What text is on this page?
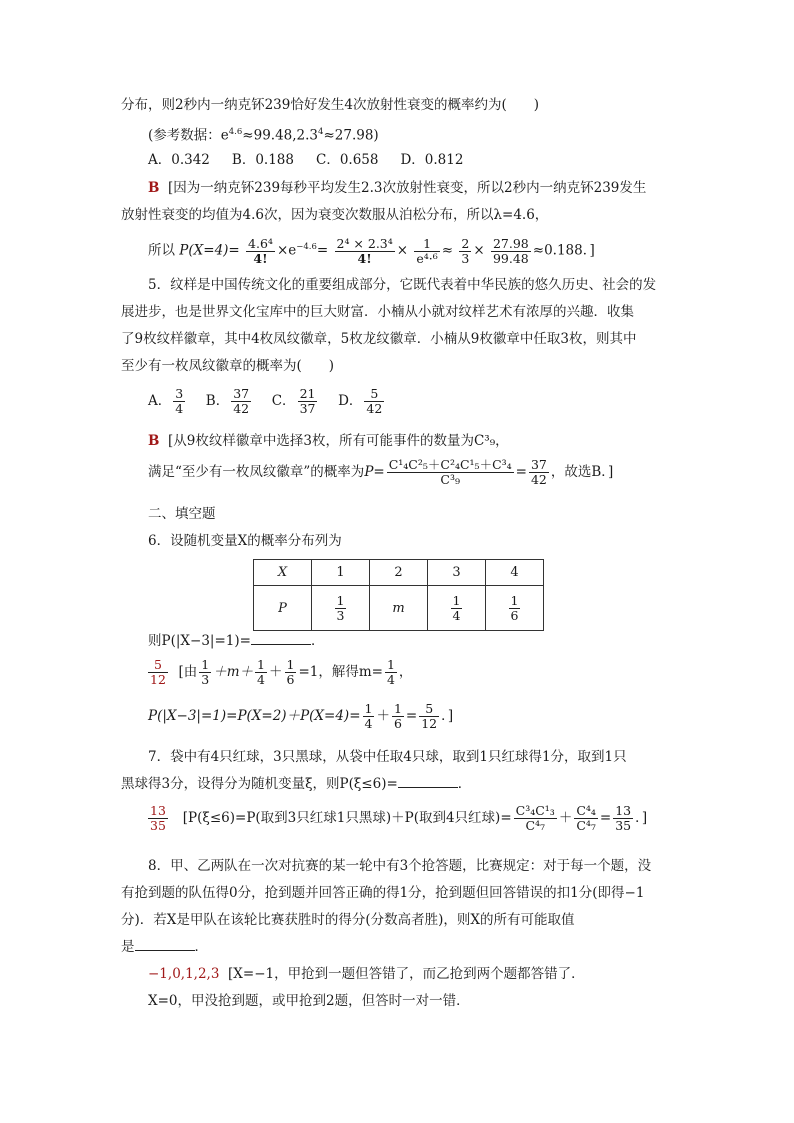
分布，则2秒内一纳克钚239恰好发生4次放射性衰变的概率约为(　　)
(参考数据：$e^{4.6}\approx 99.48,2.3^4\approx 27.98$)
A．0.342 B．0.188 C．0.658 D．0.812
B [因为一纳克钚239每秒平均发生2.3次放射性衰变，所以2秒内一纳克钚239发生
放射性衰变的均值为4.6次，因为衰变次数服从泊松分布，所以λ=4.6，
所以 $P(X=4)= \frac{\text{4.6⁴}}{4!} \times e^{-4.6}= \frac{\text{2⁴ × 2.3⁴}}{4!} \times \frac{1}{\text{e⁴·⁶}} \approx \frac{2}{3} \times \frac{27.98}{99.48} \approx 0.188$．]
5．纹样是中国传统文化的重要组成部分，它既代表着中华民族的悠久历史、社会的发
展进步，也是世界文化宝库中的巨大财富．小楠从小就对纹样艺术有浓厚的兴趣．收集
了9枚纹样徽章，其中4枚凤纹徽章，5枚龙纹徽章．小楠从9枚徽章中任取3枚，则其中
至少有一枚凤纹徽章的概率为(　　)
A． $\frac{3}{4}$ B． $\frac{37}{42}$ C． $\frac{21}{37}$ D． $\frac{5}{42}$
B [从9枚纹样徽章中选择3枚，所有可能事件的数量为C³₉，
满足“至少有一枚凤纹徽章”的概率为$P= \frac{\text{C¹₄C²₅＋C²₄C¹₅＋C³₄}}{\text{C³₉}} = \frac{37}{42}$ ，故选B．]
二、填空题
6．设随机变量X的概率分布列为
X	1	2	3	4
P	$\frac{1}{3}$	m	$\frac{1}{4}$	$\frac{1}{6}$
则P(|X−3|=1)=	．
$\frac{5}{12}$ [由 $\frac{1}{3} +m+ \frac{1}{4} + \frac{1}{6} =1$，解得$m= \frac{1}{4}$ ，
$P(|X-3|=1)=P(X=2)+P(X=4)= \frac{1}{4} + \frac{1}{6} = \frac{5}{12}$ ．]
7．袋中有4只红球，3只黑球，从袋中任取4只球，取到1只红球得1分，取到1只
黑球得3分，设得分为随机变量ξ，则P(ξ≤6)=	．
$\frac{13}{35} [P(\xi\le 6)=P$(取到3只红球1只黑球)＋P(取到4只红球)= $\frac{\text{C³₄C¹₃}}{\text{C⁴₇}} + \frac{\text{C⁴₄}}{\text{C⁴₇}} = \frac{13}{35}$ ．]
8．甲、乙两队在一次对抗赛的某一轮中有3个抢答题，比赛规定：对于每一个题，没
有抢到题的队伍得0分，抢到题并回答正确的得1分，抢到题但回答错误的扣1分(即得−1
分)．若X是甲队在该轮比赛获胜时的得分(分数高者胜)，则X的所有可能取值
是	．
−1,0,1,2,3 [X=−1，甲抢到一题但答错了，而乙抢到两个题都答错了．
X=0，甲没抢到题，或甲抢到2题，但答时一对一错．
